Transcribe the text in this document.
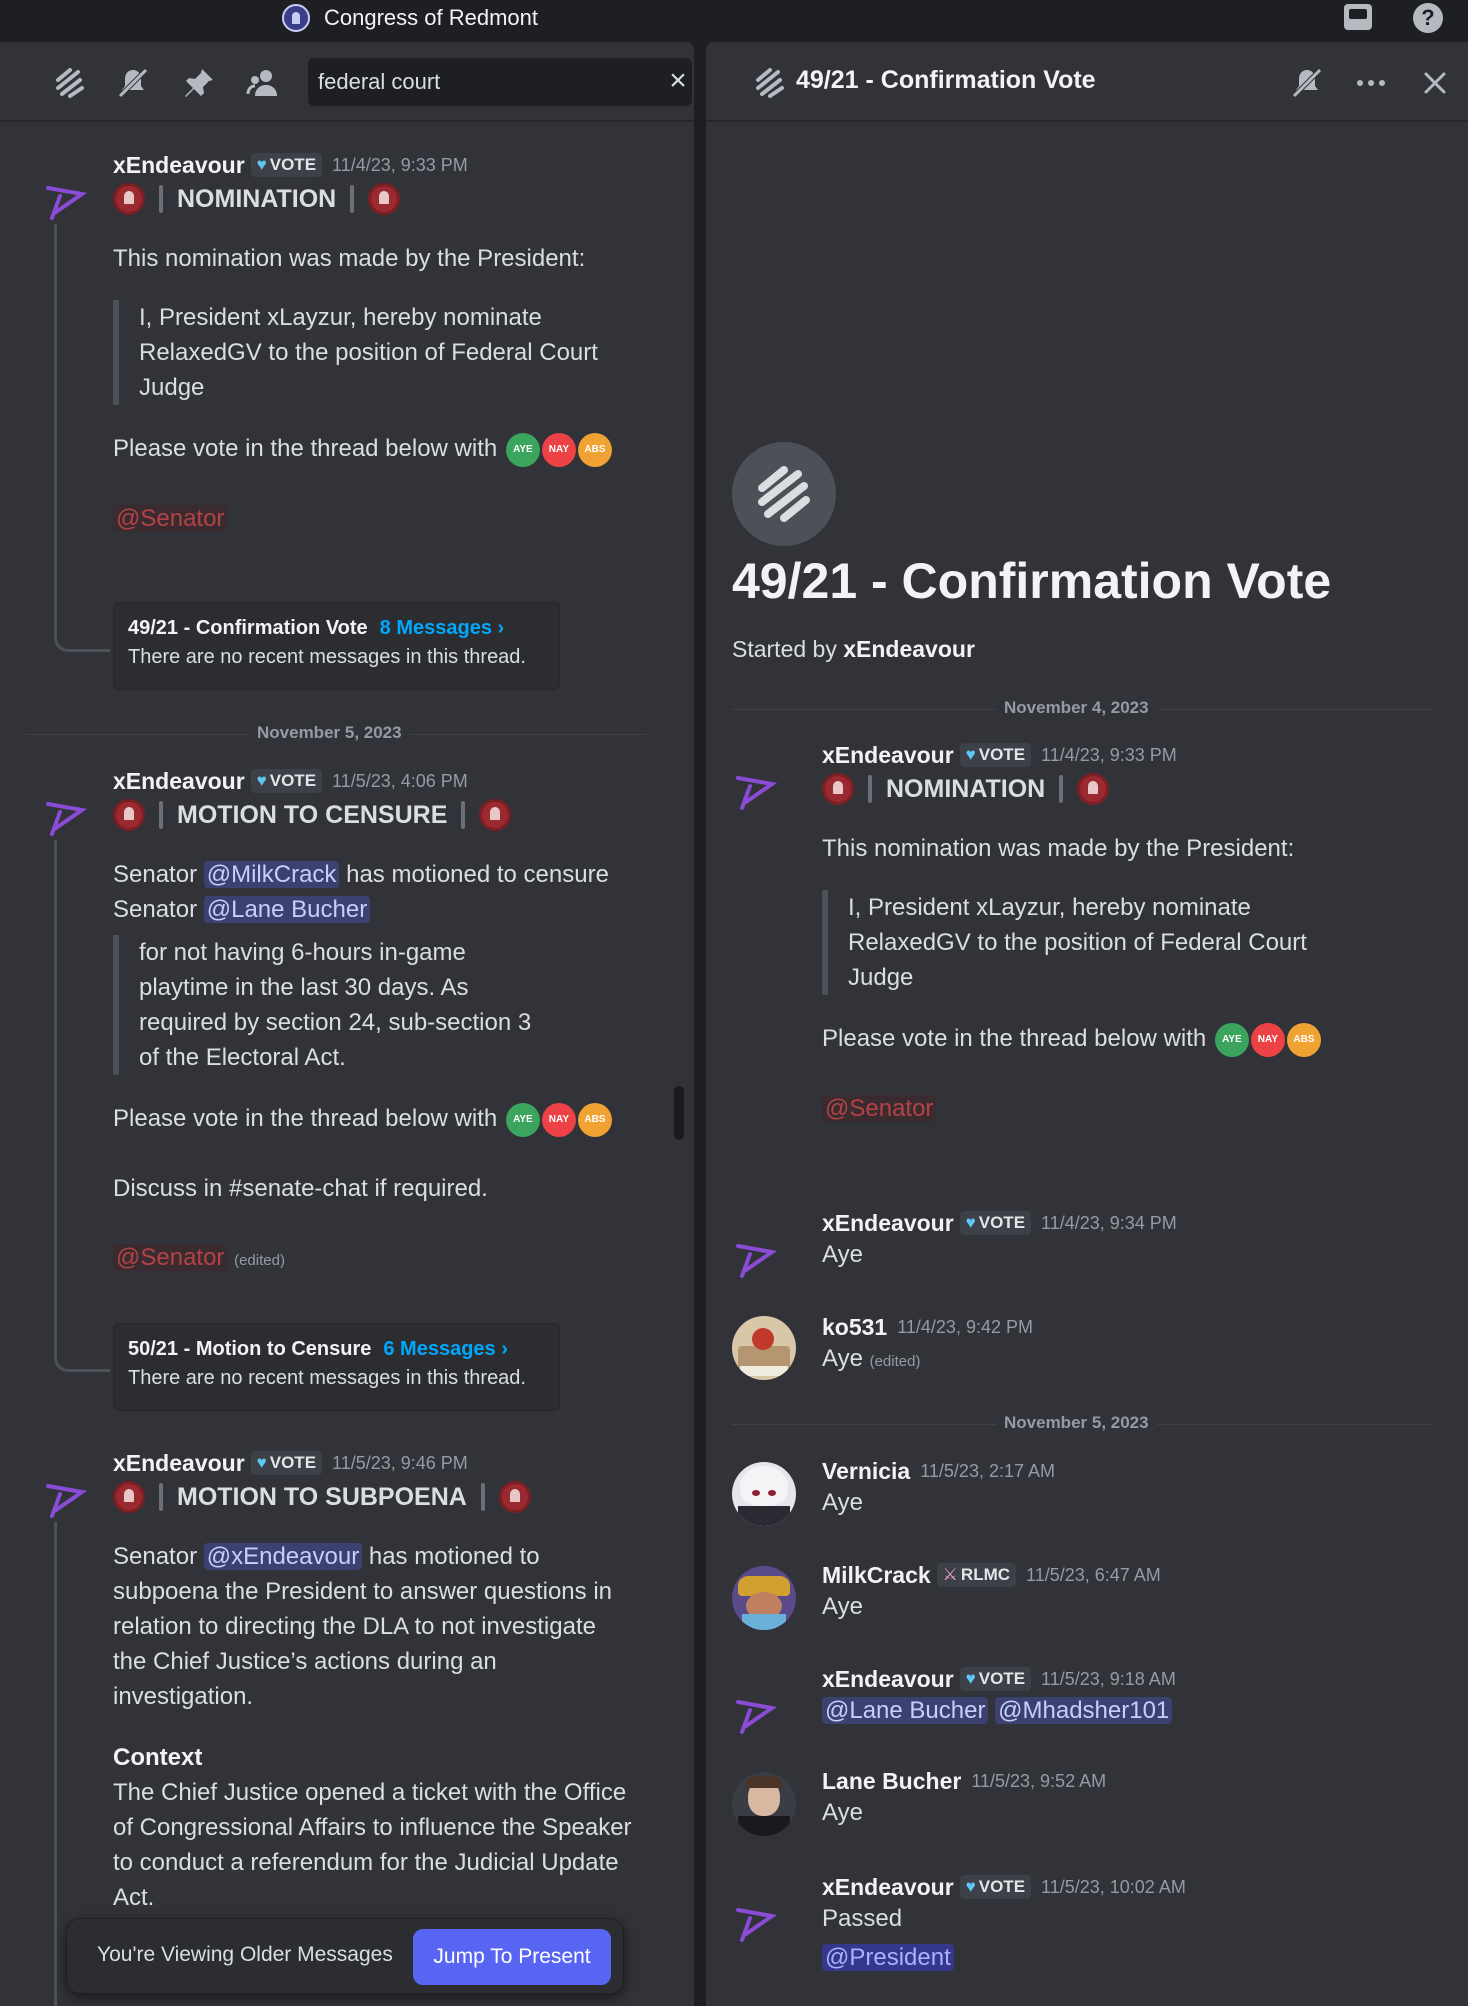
Congress of Redmont	?
federal court
×
xEndeavour ♥ VOTE 11/4/23, 9:33 PM
NOMINATION
This nomination was made by the President:
I, President xLayzur, hereby nominate RelaxedGV to the position of Federal Court Judge
Please vote in the thread below with AYE NAY ABS
@Senator
49/21 - Confirmation Vote 8 Messages ›
There are no recent messages in this thread.
November 5, 2023
xEndeavour ♥ VOTE 11/5/23, 4:06 PM
MOTION TO CENSURE
Senator @MilkCrack has motioned to censure
Senator @Lane Bucher
for not having 6-hours in-game playtime in the last 30 days. As required by section 24, sub-section 3 of the Electoral Act.
Please vote in the thread below with AYE NAY ABS
Discuss in #senate-chat if required.
@Senator (edited)
50/21 - Motion to Censure 6 Messages ›
There are no recent messages in this thread.
xEndeavour ♥ VOTE 11/5/23, 9:46 PM
MOTION TO SUBPOENA
Senator @xEndeavour has motioned to subpoena the President to answer questions in relation to directing the DLA to not investigate the Chief Justice’s actions during an investigation.
Context
The Chief Justice opened a ticket with the Office of Congressional Affairs to influence the Speaker to conduct a referendum for the Judicial Update Act.
You're Viewing Older Messages	Jump To Present
49/21 - Confirmation Vote
49/21 - Confirmation Vote
Started by xEndeavour
November 4, 2023
xEndeavour ♥ VOTE 11/4/23, 9:33 PM
NOMINATION
This nomination was made by the President:
I, President xLayzur, hereby nominate RelaxedGV to the position of Federal Court Judge
Please vote in the thread below with AYE NAY ABS
@Senator
xEndeavour ♥ VOTE 11/4/23, 9:34 PM
Aye
ko531 11/4/23, 9:42 PM
Aye (edited)
November 5, 2023
Vernicia 11/5/23, 2:17 AM
Aye
MilkCrack ⚔ RLMC 11/5/23, 6:47 AM
Aye
xEndeavour ♥ VOTE 11/5/23, 9:18 AM
@Lane Bucher @Mhadsher101
Lane Bucher 11/5/23, 9:52 AM
Aye
xEndeavour ♥ VOTE 11/5/23, 10:02 AM
Passed
@President
